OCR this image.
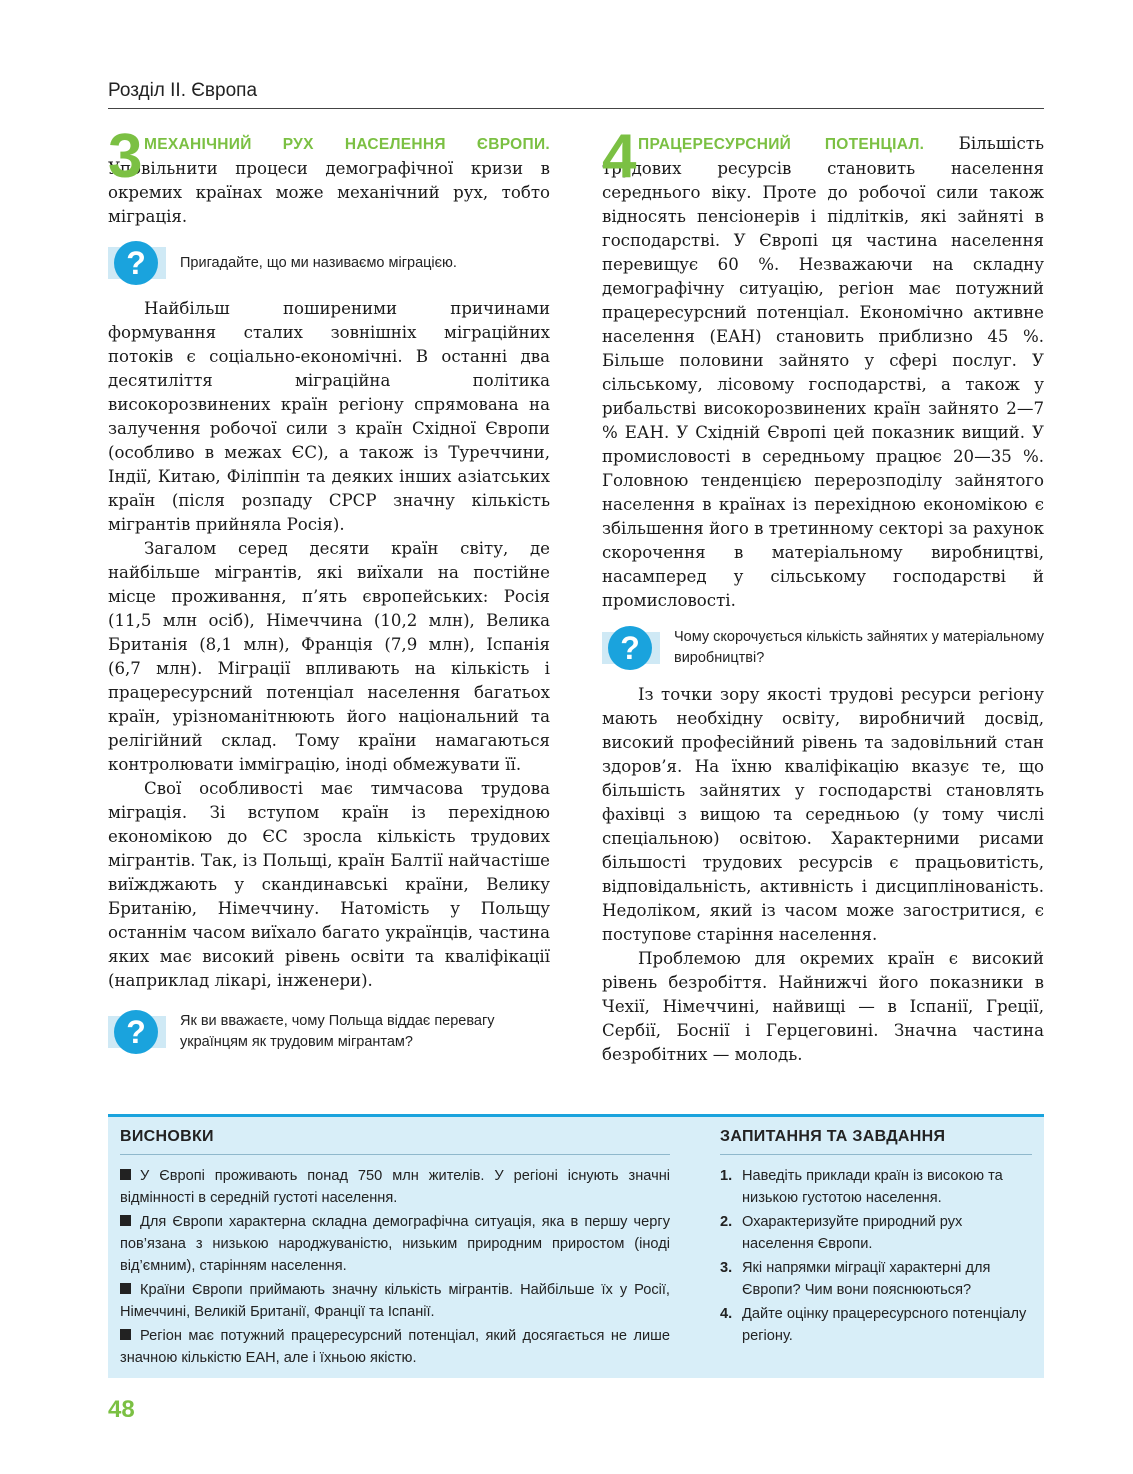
Розділ ІІ. Європа
3 МЕХАНІЧНИЙ РУХ НАСЕЛЕННЯ ЄВРОПИ. Уповільнити процеси демографічної кризи в окремих країнах може механічний рух, тобто міграція.

?	Пригадайте, що ми називаємо міграцією.

Найбільш поширеними причинами формування сталих зовнішніх міграційних потоків є соціально-економічні. В останні два десятиліття міграційна політика високорозвинених країн регіону спрямована на залучення робочої сили з країн Східної Європи (особливо в межах ЄС), а також із Туреччини, Індії, Китаю, Філіппін та деяких інших азіатських країн (після розпаду СРСР значну кількість мігрантів прийняла Росія).

Загалом серед десяти країн світу, де найбільше мігрантів, які виїхали на постійне місце проживання, п’ять європейських: Росія (11,5 млн осіб), Німеччина (10,2 млн), Велика Британія (8,1 млн), Франція (7,9 млн), Іспанія (6,7 млн). Міграції впливають на кількість і працересурсний потенціал населення багатьох країн, урізноманітнюють його національний та релігійний склад. Тому країни намагаються контролювати імміграцію, іноді обмежувати її.

Свої особливості має тимчасова трудова міграція. Зі вступом країн із перехідною економікою до ЄС зросла кількість трудових мігрантів. Так, із Польщі, країн Балтії найчастіше виїжджають у скандинавські країни, Велику Британію, Німеччину. Натомість у Польщу останнім часом виїхало багато українців, частина яких має високий рівень освіти та кваліфікації (наприклад лікарі, інженери).

?	Як ви вважаєте, чому Польща віддає перевагу українцям як трудовим мігрантам?
4 ПРАЦЕРЕСУРСНИЙ ПОТЕНЦІАЛ. Більшість трудових ресурсів становить населення середнього віку. Проте до робочої сили також відносять пенсіонерів і підлітків, які зайняті в господарстві. У Європі ця частина населення перевищує 60 %. Незважаючи на складну демографічну ситуацію, регіон має потужний працересурсний потенціал. Економічно активне населення (ЕАН) становить приблизно 45 %. Більше половини зайнято у сфері послуг. У сільському, лісовому господарстві, а також у рибальстві високорозвинених країн зайнято 2—7 % ЕАН. У Східній Європі цей показник вищий. У промисловості в середньому працює 20—35 %. Головною тенденцією перерозподілу зайнятого населення в країнах із перехідною економікою є збільшення його в третинному секторі за рахунок скорочення в матеріальному виробництві, насамперед у сільському господарстві й промисловості.

?	Чому скорочується кількість зайнятих у матеріальному виробництві?

Із точки зору якості трудові ресурси регіону мають необхідну освіту, виробничий досвід, високий професійний рівень та задовільний стан здоров’я. На їхню кваліфікацію вказує те, що більшість зайнятих у господарстві становлять фахівці з вищою та середньою (у тому числі спеціальною) освітою. Характерними рисами більшості трудових ресурсів є працьовитість, відповідальність, активність і дисциплінованість. Недоліком, який із часом може загостритися, є поступове старіння населення.

Проблемою для окремих країн є високий рівень безробіття. Найнижчі його показники в Чехії, Німеччині, найвищі — в Іспанії, Греції, Сербії, Боснії і Герцеговині. Значна частина безробітних — молодь.

ВИСНОВКИ

У Європі проживають понад 750 млн жителів. У регіоні існують значні відмінності в середній густоті населення.

Для Європи характерна складна демографічна ситуація, яка в першу чергу пов’язана з низькою народжуваністю, низьким природним приростом (іноді від’ємним), старінням населення.

Країни Європи приймають значну кількість мігрантів. Найбільше їх у Росії, Німеччині, Великій Британії, Франції та Іспанії.

Регіон має потужний працересурсний потенціал, який досягається не лише значною кількістю ЕАН, але і їхньою якістю.

ЗАПИТАННЯ ТА ЗАВДАННЯ
1. Наведіть приклади країн із високою та низькою густотою населення.
2. Охарактеризуйте природний рух населення Європи.
3. Які напрямки міграції характерні для Європи? Чим вони пояснюються?
4. Дайте оцінку працересурсного потенціалу регіону.
48
